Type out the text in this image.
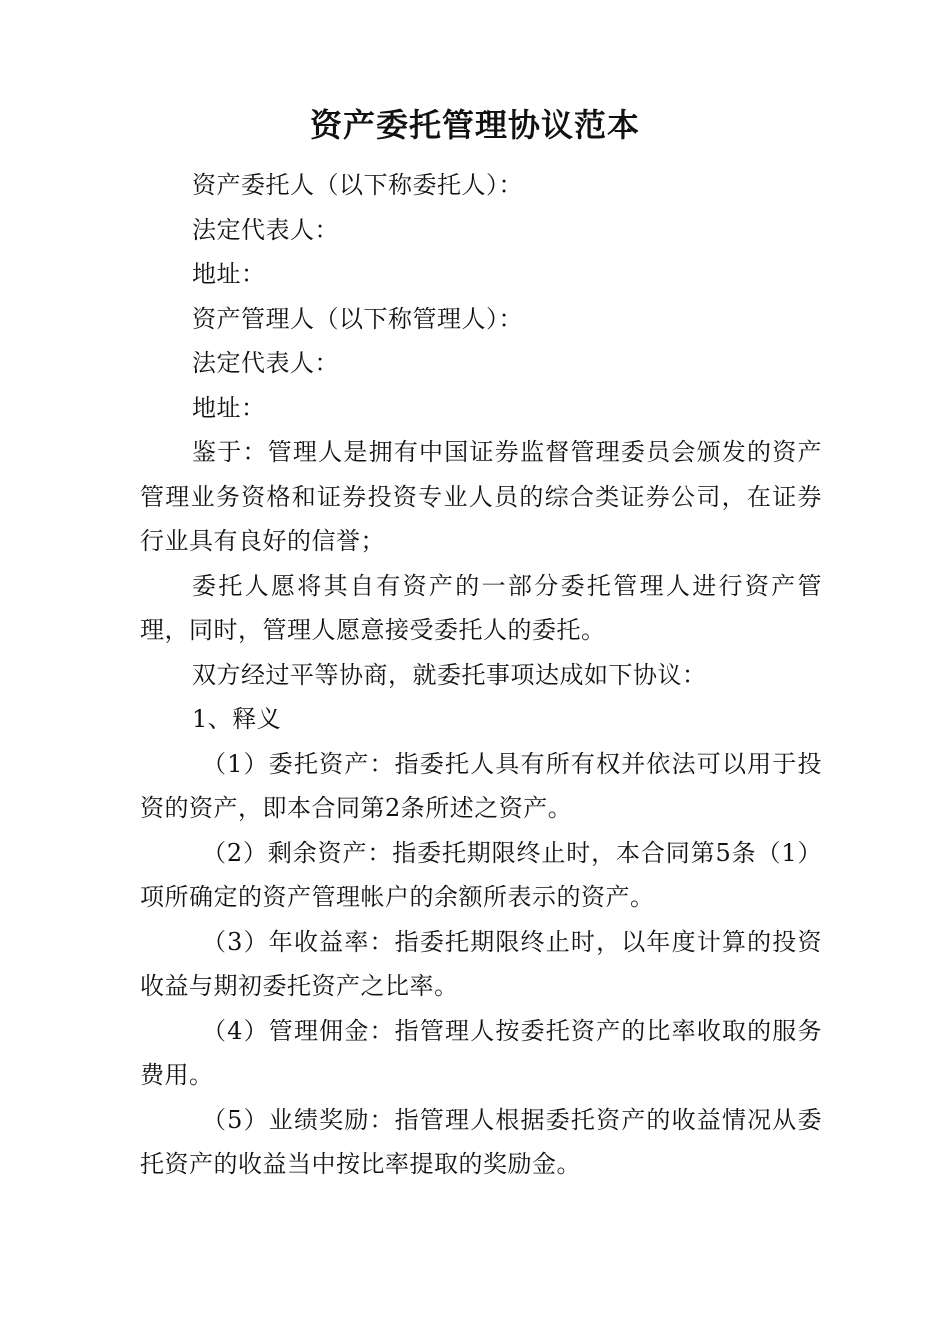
资产委托管理协议范本

资产委托人（以下称委托人）：

法定代表人：

地址：

资产管理人（以下称管理人）：

法定代表人：

地址：

鉴于：管理人是拥有中国证券监督管理委员会颁发的资产管理业务资格和证券投资专业人员的综合类证券公司，在证券行业具有良好的信誉；

委托人愿将其自有资产的一部分委托管理人进行资产管理，同时，管理人愿意接受委托人的委托。

双方经过平等协商，就委托事项达成如下协议：

1、释义

（1）委托资产：指委托人具有所有权并依法可以用于投资的资产，即本合同第2条所述之资产。

（2）剩余资产：指委托期限终止时，本合同第5条（1）项所确定的资产管理帐户的余额所表示的资产。

（3）年收益率：指委托期限终止时，以年度计算的投资收益与期初委托资产之比率。

（4）管理佣金：指管理人按委托资产的比率收取的服务费用。

（5）业绩奖励：指管理人根据委托资产的收益情况从委托资产的收益当中按比率提取的奖励金。
